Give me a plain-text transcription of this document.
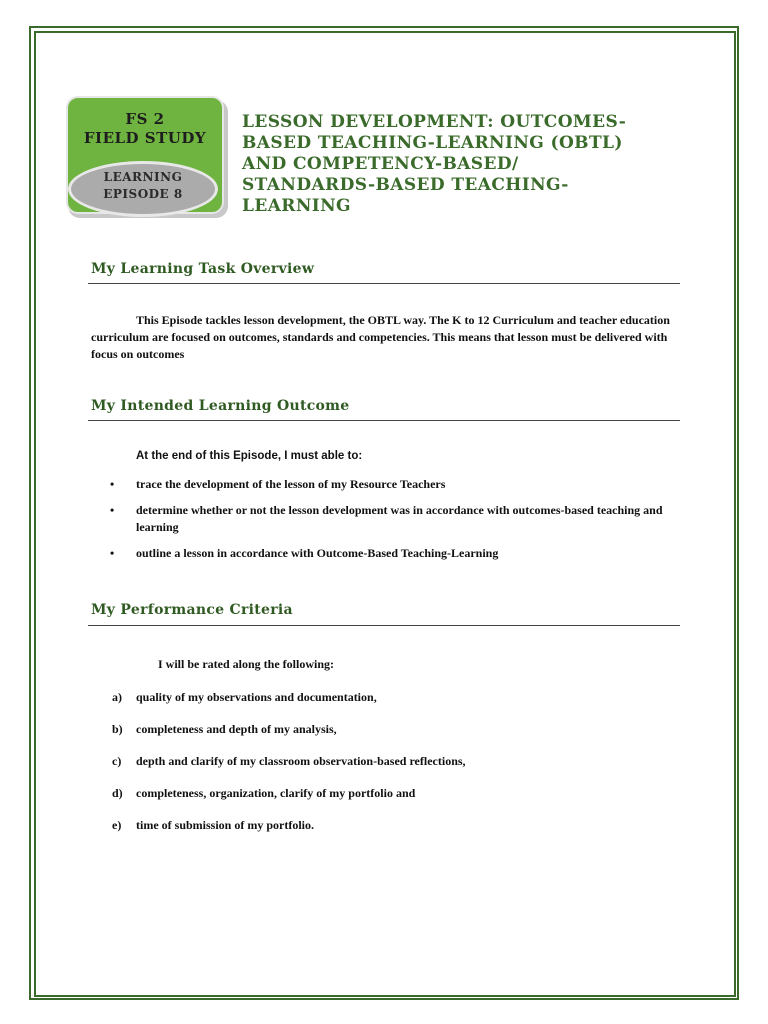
FS 2
FIELD STUDY
LEARNING
EPISODE 8
LESSON DEVELOPMENT: OUTCOMES-
BASED TEACHING-LEARNING (OBTL)
AND COMPETENCY-BASED/
STANDARDS-BASED TEACHING-
LEARNING
My Learning Task Overview

This Episode tackles lesson development, the OBTL way. The K to 12 Curriculum and teacher education curriculum are focused on outcomes, standards and competencies. This means that lesson must be delivered with focus on outcomes

My Intended Learning Outcome

At the end of this Episode, I must able to:

• trace the development of the lesson of my Resource Teachers
• determine whether or not the lesson development was in accordance with outcomes-based teaching and learning
• outline a lesson in accordance with Outcome-Based Teaching-Learning
My Performance Criteria

I will be rated along the following:

a) quality of my observations and documentation,
b) completeness and depth of my analysis,
c) depth and clarify of my classroom observation-based reflections,
d) completeness, organization, clarify of my portfolio and
e) time of submission of my portfolio.
